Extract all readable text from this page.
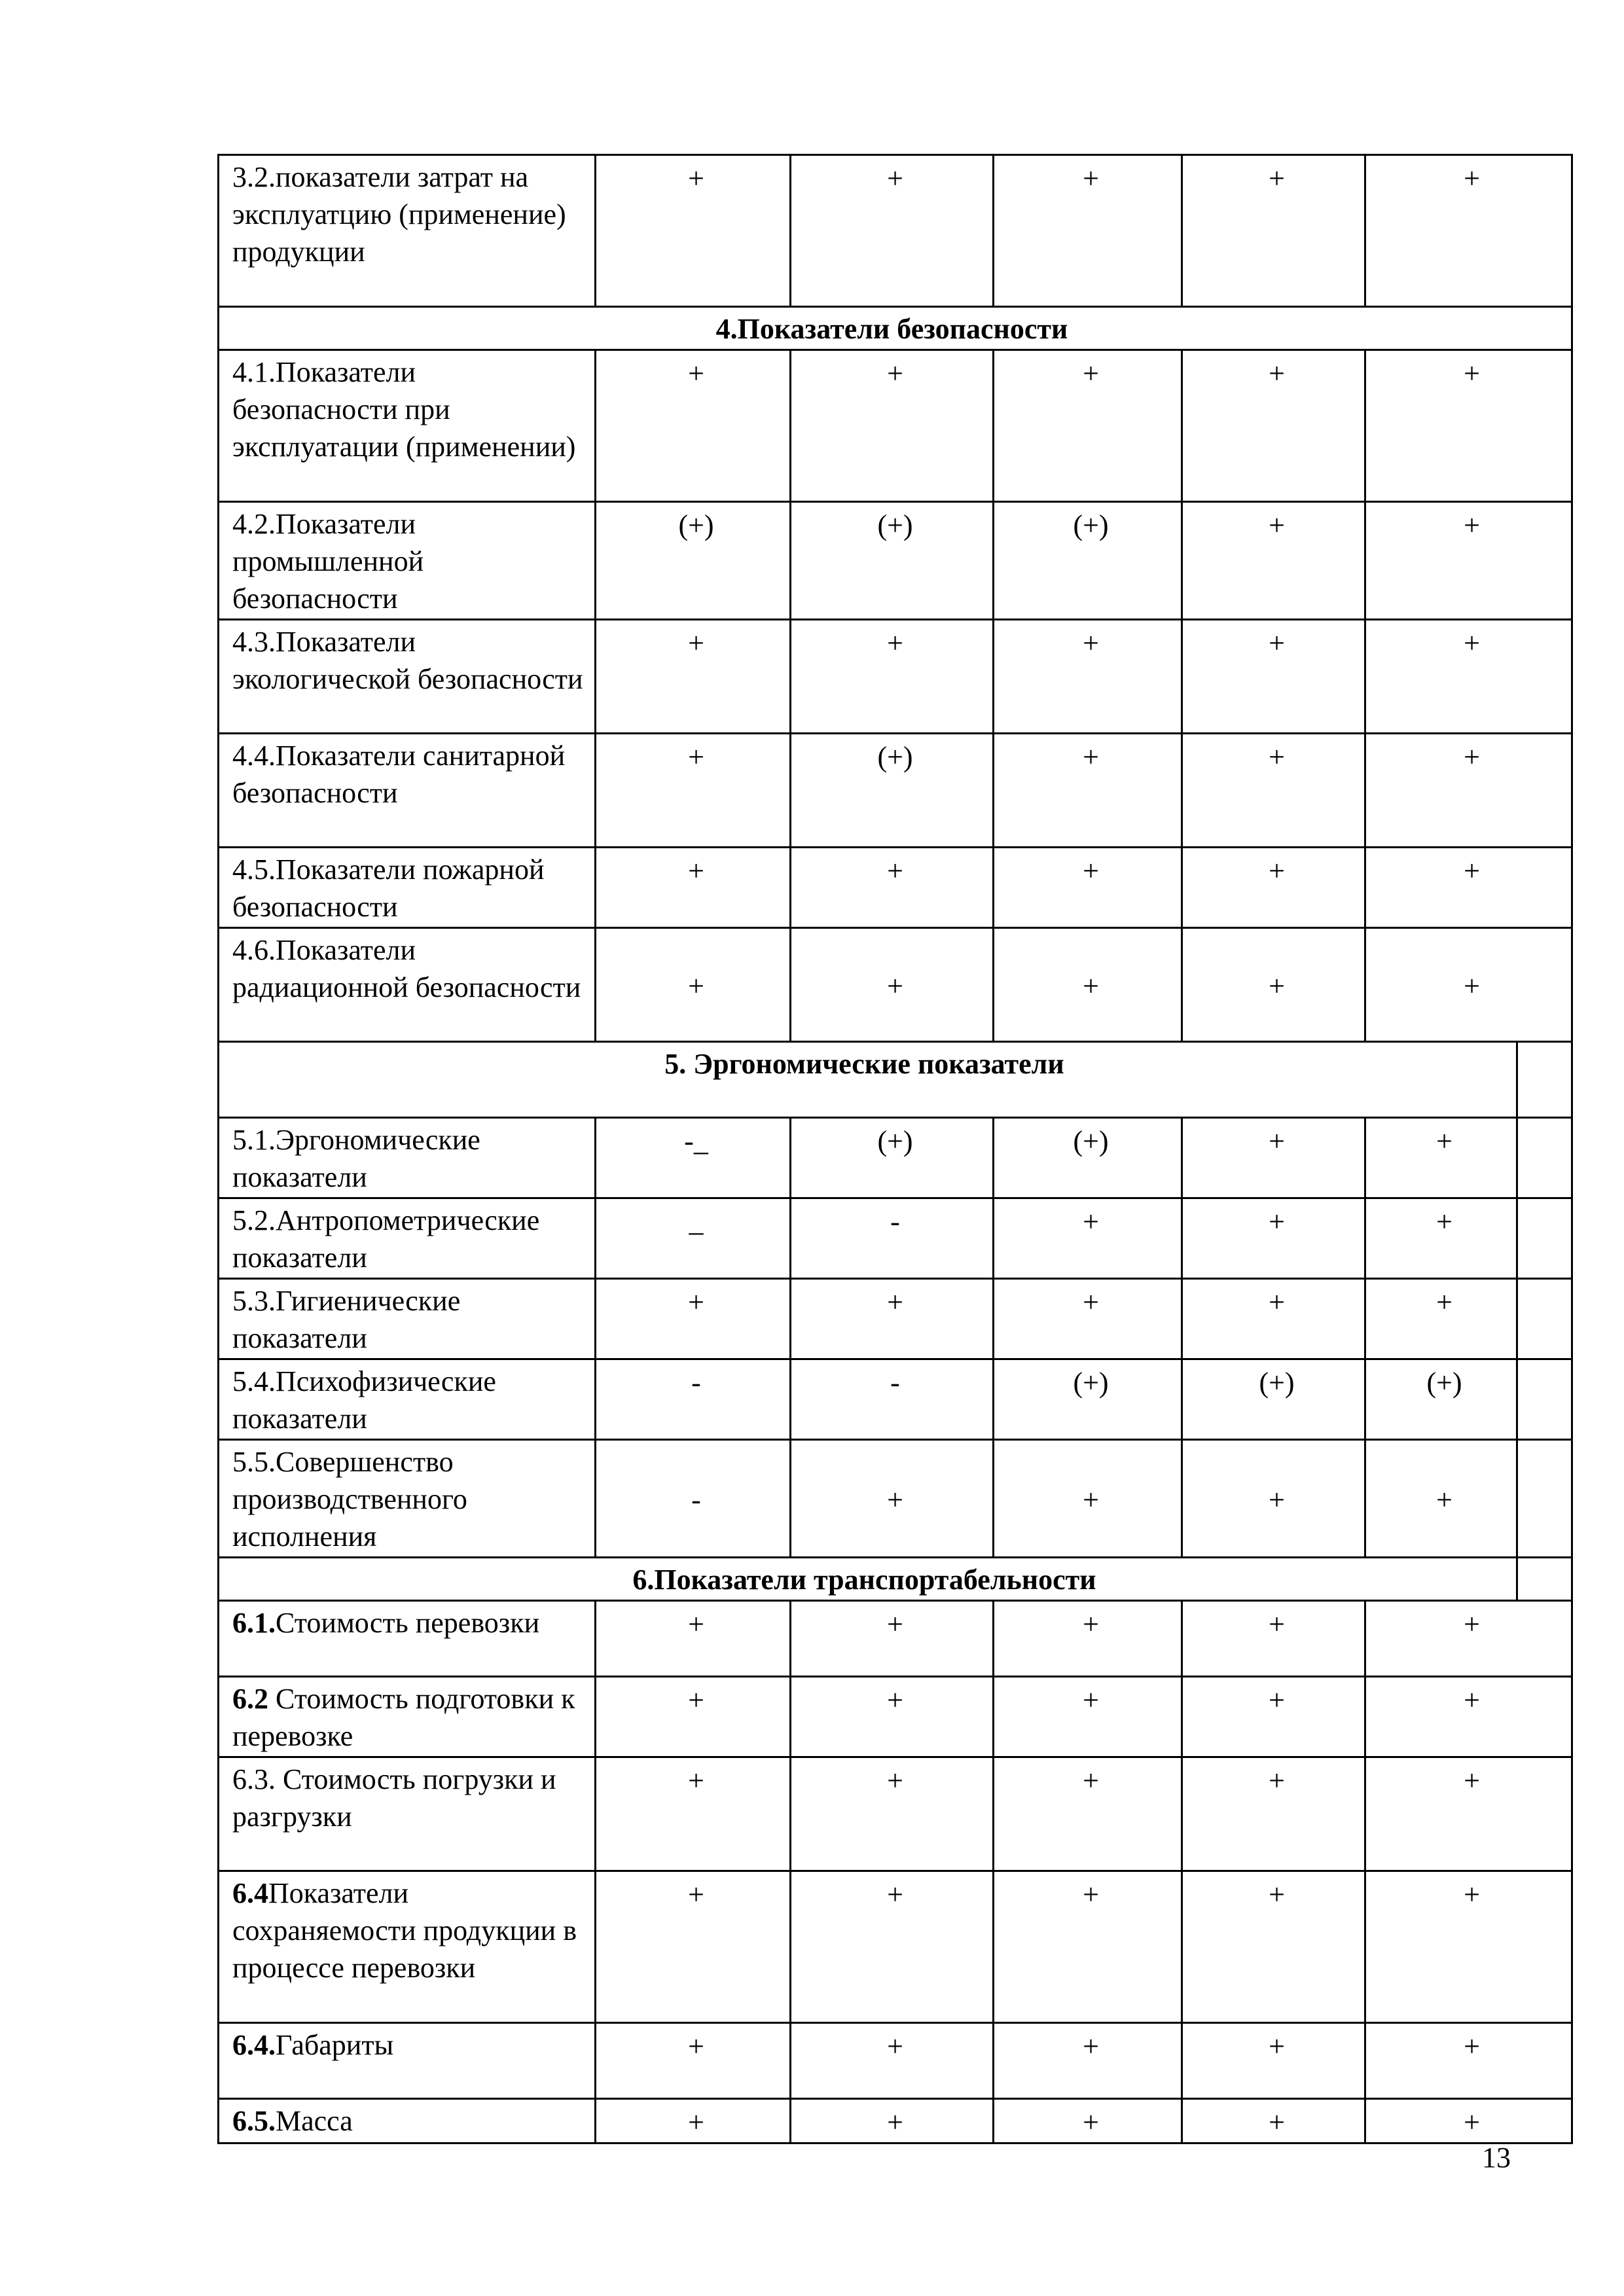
3.2.показатели затрат на эксплуатцию (применение) продукции	+	+	+	+	+	
4.Показатели безопасности						
4.1.Показатели безопасности при эксплуатации (применении)	+	+	+	+	+	
4.2.Показатели промышленной безопасности	(+)	(+)	(+)	+	+	
4.3.Показатели экологической безопасности	+	+	+	+	+	
4.4.Показатели санитарной безопасности	+	(+)	+	+	+	
4.5.Показатели пожарной безопасности	+	+	+	+	+	
4.6.Показатели радиационной безопасности	+	+	+	+	+	
5. Эргономические показатели						
5.1.Эргономические показатели	-_	(+)	(+)	+	+	
5.2.Антропометрические показатели	_	-	+	+	+	
5.3.Гигиенические показатели	+	+	+	+	+	
5.4.Психофизические показатели	-	-	(+)	(+)	(+)	
5.5.Совершенство производственного исполнения	-	+	+	+	+	
6.Показатели транспортабельности						
6.1.Стоимость перевозки	+	+	+	+	+	
6.2 Стоимость подготовки к перевозке	+	+	+	+	+	
6.3. Стоимость погрузки и разгрузки	+	+	+	+	+	
6.4Показатели сохраняемости продукции в процессе перевозки	+	+	+	+	+	
6.4.Габариты	+	+	+	+	+	
6.5.Масса	+	+	+	+	+	
13
